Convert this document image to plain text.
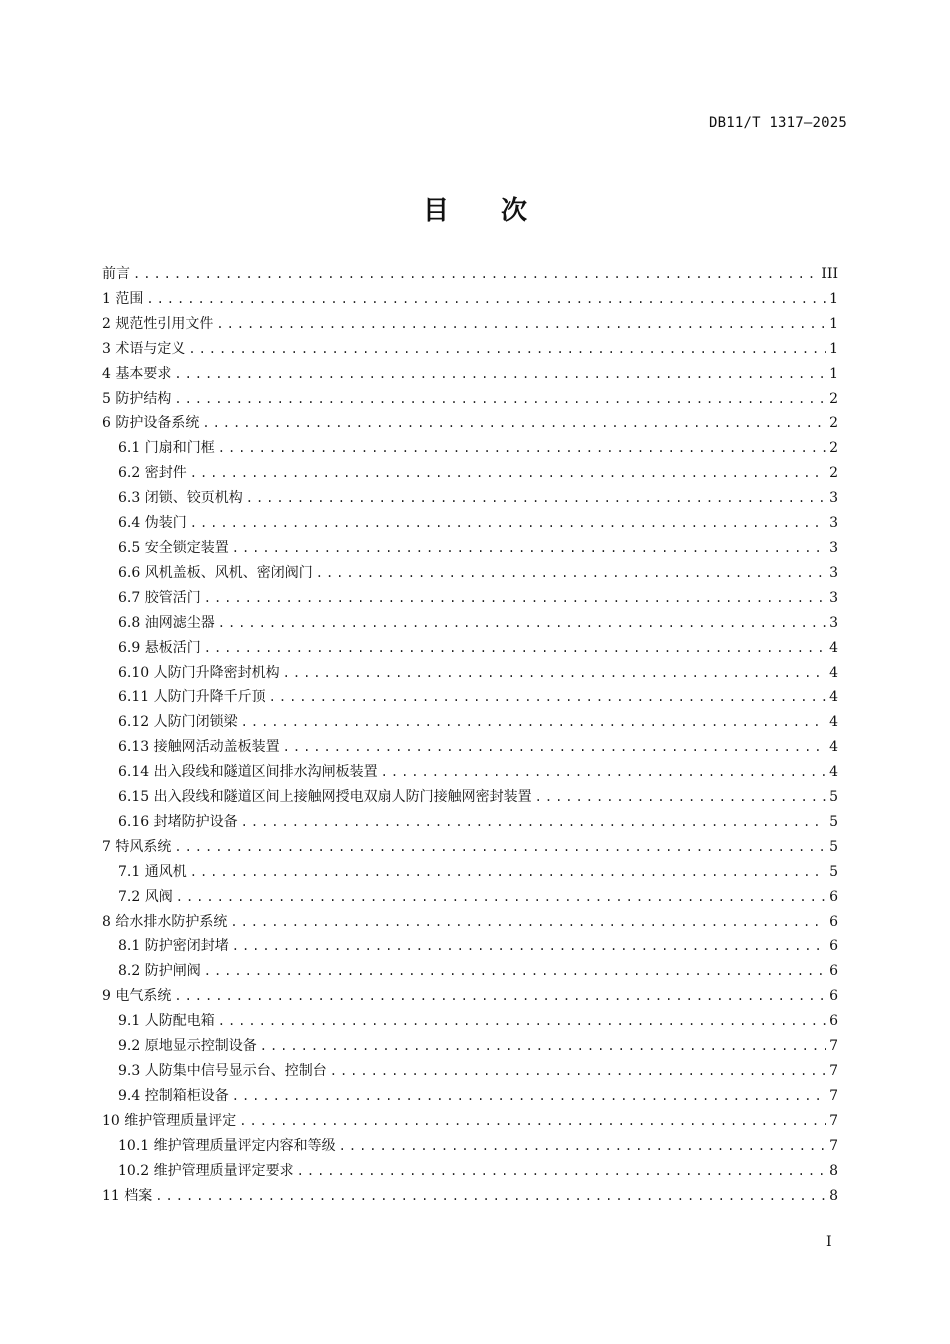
DB11/T 1317—2025
目　　次
前言 .....	III
1 范围 .....	1
2 规范性引用文件 .....	1
3 术语与定义 .....	1
4 基本要求 .....	1
5 防护结构 .....	2
6 防护设备系统 .....	2
6.1 门扇和门框 .....	2
6.2 密封件 .....	2
6.3 闭锁、铰页机构 .....	3
6.4 伪装门 .....	3
6.5 安全锁定装置 .....	3
6.6 风机盖板、风机、密闭阀门 .....	3
6.7 胶管活门 .....	3
6.8 油网滤尘器 .....	3
6.9 悬板活门 .....	4
6.10 人防门升降密封机构 .....	4
6.11 人防门升降千斤顶 .....	4
6.12 人防门闭锁梁 .....	4
6.13 接触网活动盖板装置 .....	4
6.14 出入段线和隧道区间排水沟闸板装置 .....	4
6.15 出入段线和隧道区间上接触网授电双扇人防门接触网密封装置 .....	5
6.16 封堵防护设备 .....	5
7 特风系统 .....	5
7.1 通风机 .....	5
7.2 风阀 .....	6
8 给水排水防护系统 .....	6
8.1 防护密闭封堵 .....	6
8.2 防护闸阀 .....	6
9 电气系统 .....	6
9.1 人防配电箱 .....	6
9.2 原地显示控制设备 .....	7
9.3 人防集中信号显示台、控制台 .....	7
9.4 控制箱柜设备 .....	7
10 维护管理质量评定 .....	7
10.1 维护管理质量评定内容和等级 .....	7
10.2 维护管理质量评定要求 .....	8
11 档案 .....	8
I
